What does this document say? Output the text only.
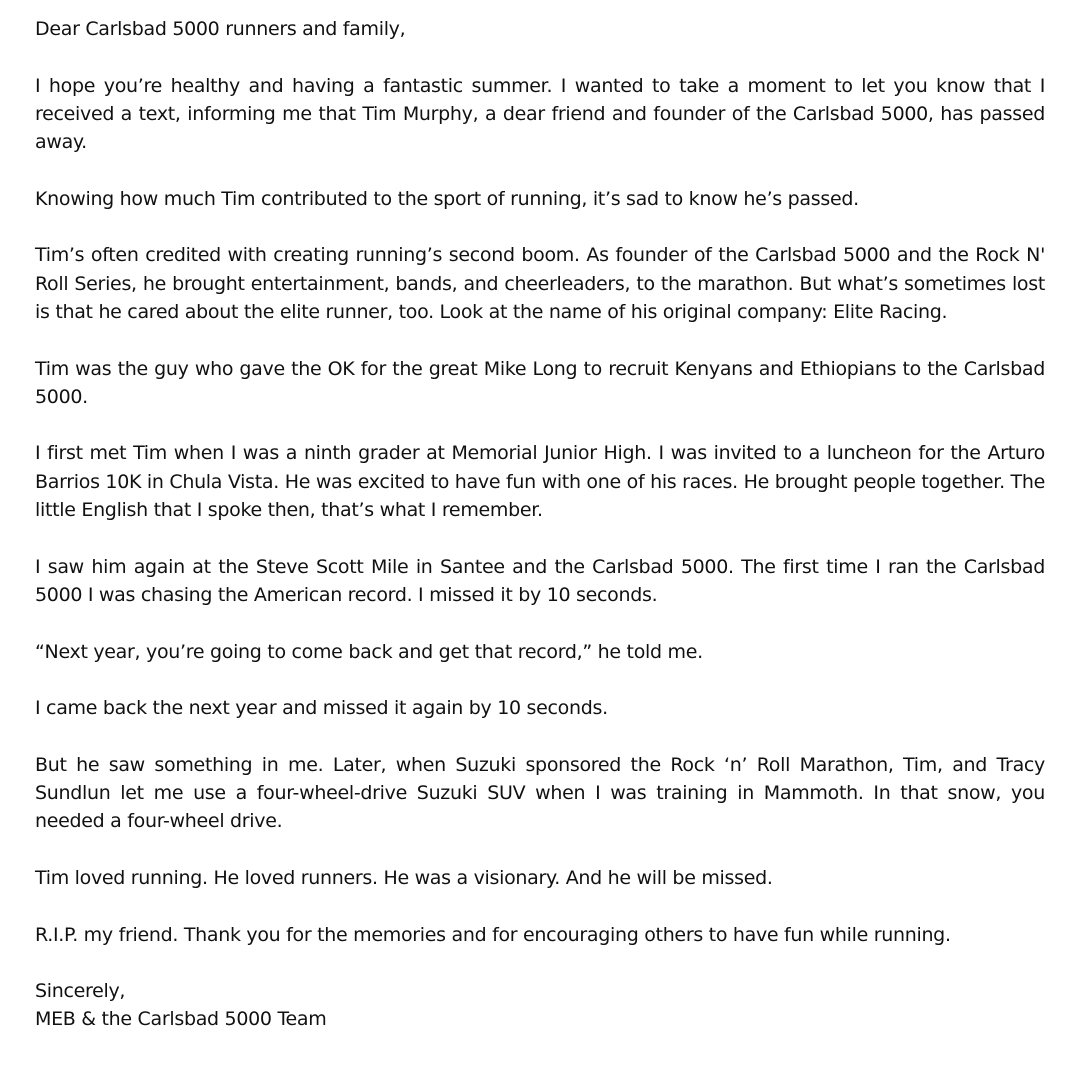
Dear Carlsbad 5000 runners and family,

I hope you’re healthy and having a fantastic summer. I wanted to take a moment to let you know that I received a text, informing me that Tim Murphy, a dear friend and founder of the Carlsbad 5000, has passed away.

Knowing how much Tim contributed to the sport of running, it’s sad to know he’s passed.

Tim’s often credited with creating running’s second boom. As founder of the Carlsbad 5000 and the Rock N' Roll Series, he brought entertainment, bands, and cheerleaders, to the marathon. But what’s sometimes lost is that he cared about the elite runner, too. Look at the name of his original company: Elite Racing.

Tim was the guy who gave the OK for the great Mike Long to recruit Kenyans and Ethiopians to the Carlsbad 5000.

I first met Tim when I was a ninth grader at Memorial Junior High. I was invited to a luncheon for the Arturo Barrios 10K in Chula Vista. He was excited to have fun with one of his races. He brought people together. The little English that I spoke then, that’s what I remember.

I saw him again at the Steve Scott Mile in Santee and the Carlsbad 5000. The first time I ran the Carlsbad 5000 I was chasing the American record. I missed it by 10 seconds.

“Next year, you’re going to come back and get that record,” he told me.

I came back the next year and missed it again by 10 seconds.

But he saw something in me. Later, when Suzuki sponsored the Rock ‘n’ Roll Marathon, Tim, and Tracy Sundlun let me use a four-wheel-drive Suzuki SUV when I was training in Mammoth. In that snow, you needed a four-wheel drive.

Tim loved running. He loved runners. He was a visionary. And he will be missed.

R.I.P. my friend. Thank you for the memories and for encouraging others to have fun while running.

Sincerely,

MEB & the Carlsbad 5000 Team
